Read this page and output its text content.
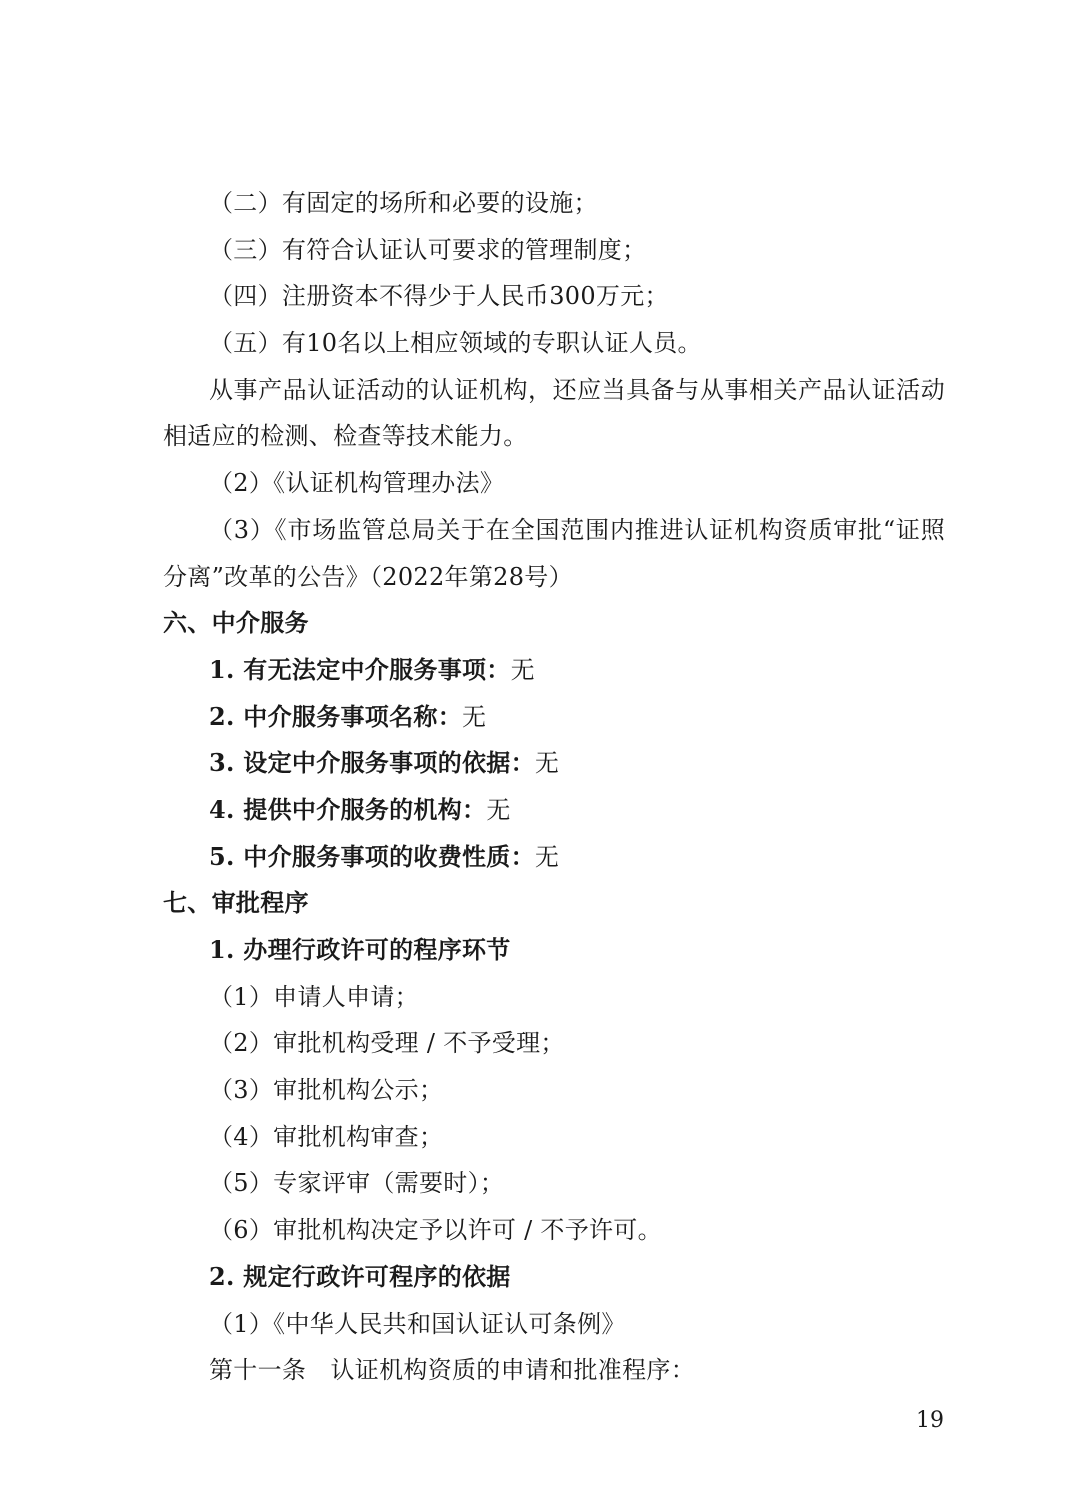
（二）有固定的场所和必要的设施；
（三）有符合认证认可要求的管理制度；
（四）注册资本不得少于人民币300万元；
（五）有10名以上相应领域的专职认证人员。
从事产品认证活动的认证机构，还应当具备与从事相关产品认证活动
相适应的检测、检查等技术能力。
（2）《认证机构管理办法》
（3）《市场监管总局关于在全国范围内推进认证机构资质审批“证照
分离”改革的公告》（2022年第28号）
六、中介服务
1. 有无法定中介服务事项：无
2. 中介服务事项名称：无
3. 设定中介服务事项的依据：无
4. 提供中介服务的机构：无
5. 中介服务事项的收费性质：无
七、审批程序
1. 办理行政许可的程序环节
（1）申请人申请；
（2）审批机构受理 / 不予受理；
（3）审批机构公示；
（4）审批机构审查；
（5）专家评审（需要时）；
（6）审批机构决定予以许可 / 不予许可。
2. 规定行政许可程序的依据
（1）《中华人民共和国认证认可条例》
第十一条　认证机构资质的申请和批准程序：
19
